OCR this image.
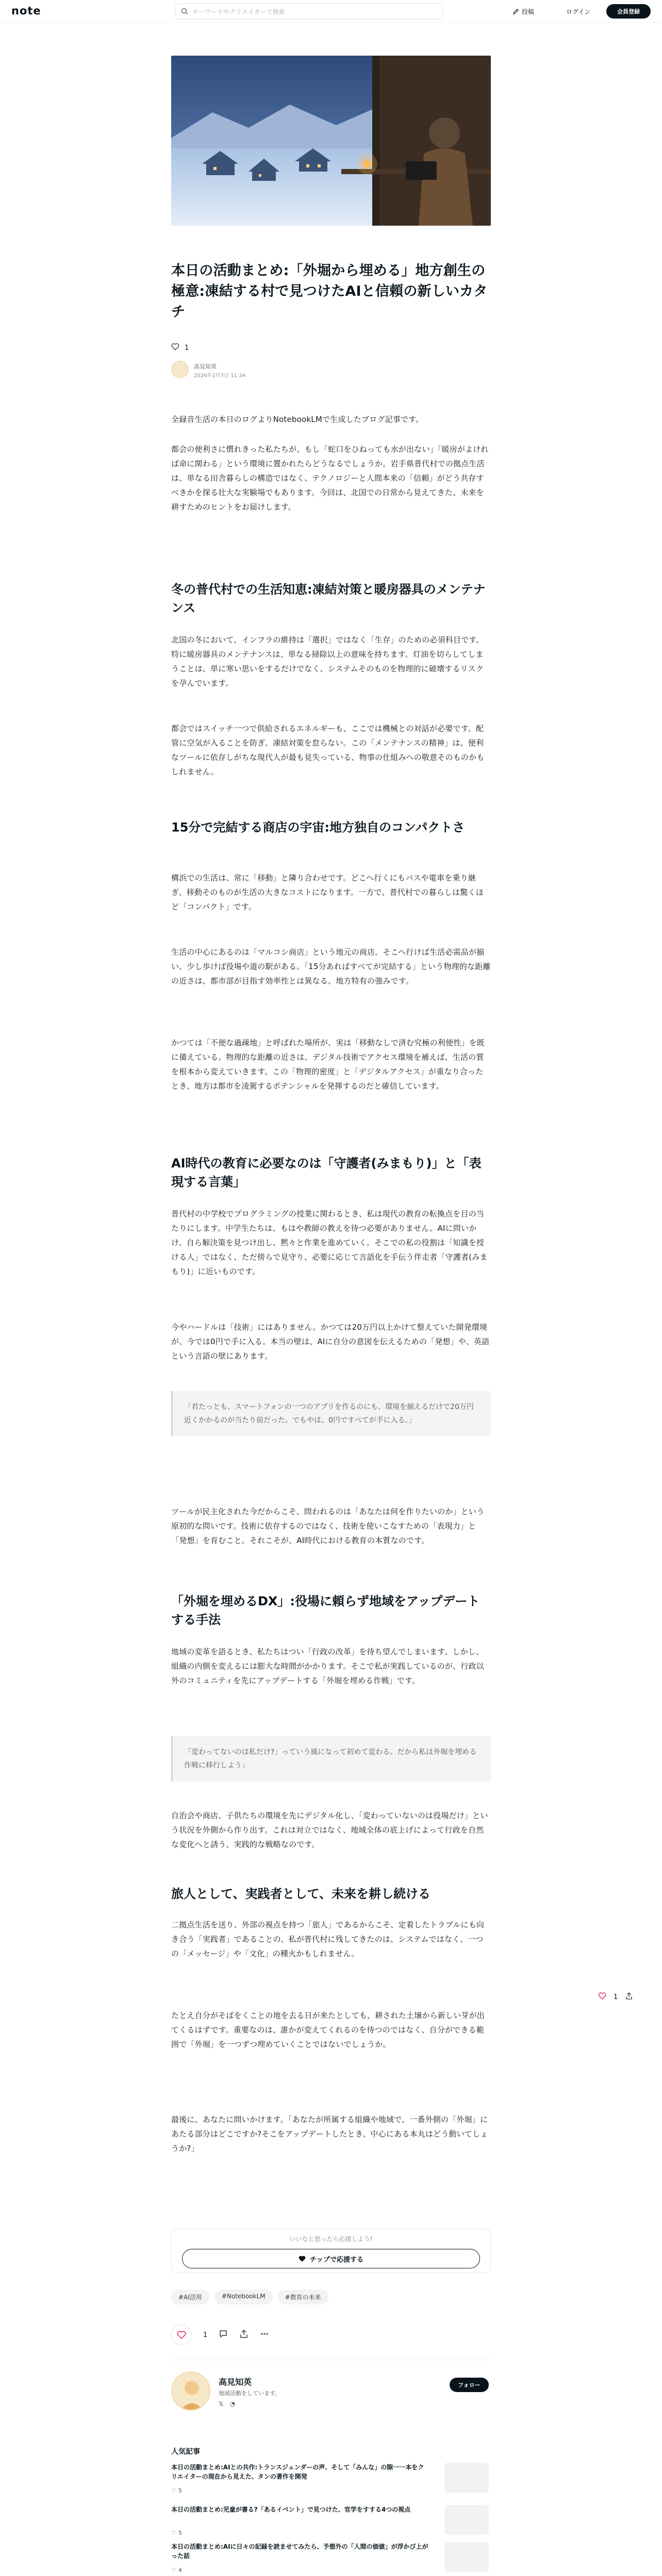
note
キーワードやクリエイターで検索	投稿	ログイン	会員登録
本日の活動まとめ:「外堀から埋める」地方創生の極意:凍結する村で見つけたAIと信頼の新しいカタチ
1
高見知英
2026年2月7日 11:34

全録音生活の本日のログよりNotebookLMで生成したブログ記事です。

都会の便利さに慣れきった私たちが、もし「蛇口をひねっても水が出ない」「暖房がよければ命に関わる」という環境に置かれたらどうなるでしょうか。岩手県普代村での拠点生活は、単なる田舎暮らしの構造ではなく、テクノロジーと人間本来の「信頼」がどう共存すべきかを探る壮大な実験場でもあります。今回は、北国での日常から見えてきた、未来を耕すためのヒントをお届けします。

冬の普代村での生活知恵:凍結対策と暖房器具のメンテナンス

北国の冬において、インフラの維持は「選択」ではなく「生存」のための必須科目です。特に暖房器具のメンテナンスは、単なる掃除以上の意味を持ちます。灯油を切らしてしまうことは、単に寒い思いをするだけでなく、システムそのものを物理的に破壊するリスクを孕んでいます。

都会ではスイッチ一つで供給されるエネルギーも、ここでは機械との対話が必要です。配管に空気が入ることを防ぎ、凍結対策を怠らない。この「メンテナンスの精神」は、便利なツールに依存しがちな現代人が最も見失っている、物事の仕組みへの敬意そのものかもしれません。

15分で完結する商店の宇宙:地方独自のコンパクトさ

構浜での生活は、常に「移動」と隣り合わせです。どこへ行くにもバスや電車を乗り継ぎ、移動そのものが生活の大きなコストになります。一方で、普代村での暮らしは驚くほど「コンパクト」です。

生活の中心にあるのは「マルコシ商店」という地元の商店。そこへ行けば生活必需品が揃い、少し歩けば役場や道の駅がある。「15分あればすべてが完結する」という物理的な距離の近さは、都市部が目指す効率性とは異なる、地方特有の強みです。

かつては「不便な過疎地」と呼ばれた場所が、実は「移動なしで済む究極の利便性」を既に備えている。物理的な距離の近さは、デジタル技術でアクセス環境を補えば、生活の質を根本から変えていきます。この「物理的密度」と「デジタルアクセス」が重なり合ったとき、地方は都市を凌駕するポテンシャルを発揮するのだと確信しています。

AI時代の教育に必要なのは「守護者(みまもり)」と「表現する言葉」

普代村の中学校でプログラミングの授業に関わるとき、私は現代の教育の転換点を目の当たりにします。中学生たちは、もはや教師の教えを待つ必要がありません。AIに問いかけ、自ら解決策を見つけ出し、黙々と作業を進めていく。そこでの私の役割は「知識を授ける人」ではなく、ただ傍らで見守り、必要に応じて言語化を手伝う伴走者「守護者(みまもり)」に近いものです。

今やハードルは「技術」にはありません。かつては20万円以上かけて整えていた開発環境が、今では0円で手に入る。本当の壁は、AIに自分の意図を伝えるための「発想」や、英語という言語の壁にあります。

「君たっとも、スマートフォンの一つのアプリを作るのにも、環境を揃えるだけで20万円近くかかるのが当たり前だった。でもやは、0円ですべてが手に入る。」

ツールが民主化された今だからこそ、問われるのは「あなたは何を作りたいのか」という原初的な問いです。技術に依存するのではなく、技術を使いこなすための「表現力」と「発想」を育むこと。それこそが、AI時代における教育の本質なのです。

「外堀を埋めるDX」:役場に頼らず地域をアップデートする手法

地域の変革を語るとき、私たちはつい「行政の改革」を待ち望んでしまいます。しかし、組織の内側を変えるには膨大な時間がかかります。そこで私が実践しているのが、行政以外のコミュニティを先にアップデートする「外堀を埋める作戦」です。

「変わってないのは私だけ?」っていう風になって初めて変わる。だから私は外堀を埋める作戦に移行しよう」

自治会や商店、子供たちの環境を先にデジタル化し、「変わっていないのは役場だけ」という状況を外側から作り出す。これは対立ではなく、地域全体の底上げによって行政を自然な変化へと誘う、実践的な戦略なのです。

旅人として、実践者として、未来を耕し続ける

二拠点生活を送り、外部の視点を持つ「旅人」であるからこそ、定着したトラブルにも向き合う「実践者」であることの、私が普代村に残してきたのは、システムではなく、一つの「メッセージ」や「文化」の種火かもしれません。

たとえ自分がそばをくことの地を去る日が来たとしても、耕された土壌から新しい芽が出てくるはずです。重要なのは、誰かが変えてくれるのを待つのではなく、自分ができる範囲で「外堀」を一つずつ埋めていくことではないでしょうか。

最後に、あなたに問いかけます。「あなたが所属する組織や地域で、一番外側の「外堀」にあたる部分はどこですか?そこをアップデートしたとき、中心にある本丸はどう動いてしょうか?」

いいなと思ったら応援しよう!
チップで応援する
#AI活用	#NotebookLM	#教育の未来
1
高見知英
地域活動をしています。
𝕏 ◔
フォロー
人気記事
本日の活動まとめ:AIとの共作:トランスジェンダーの声、そして「みんな」の隙一一本をクリエイターの現在から見えた、タンの著作を開発
♡ 5
本日の活動まとめ:児童が書る?「あるイベント」で見つけた、官学をすする4つの視点
♡ 5
本日の活動まとめ:AIに日々の記録を読ませてみたら、予想外の「人間の価値」が浮かび上がった話
♡ 4
1
